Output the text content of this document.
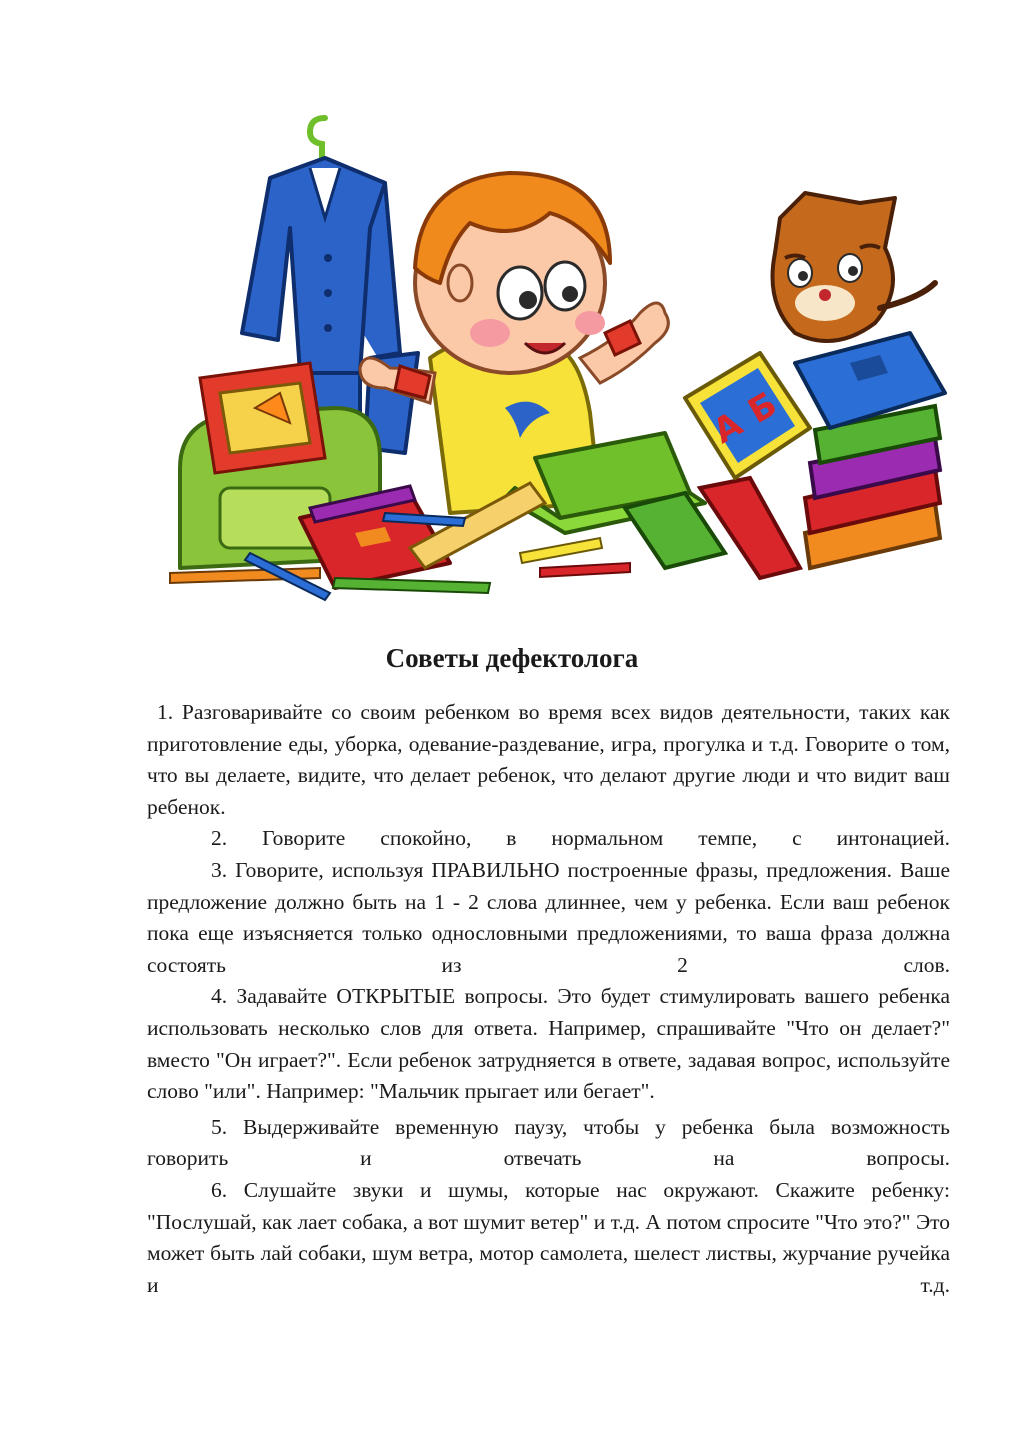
А
Б
Советы дефектолога

1. Разговаривайте со своим ребенком во время всех видов деятельности, таких как приготовление еды, уборка, одевание-раздевание, игра, прогулка и т.д. Говорите о том, что вы делаете, видите, что делает ребенок, что делают другие люди и что видит ваш ребенок.

2. Говорите спокойно, в нормальном темпе, с интонацией.

3. Говорите, используя ПРАВИЛЬНО построенные фразы, предложения. Ваше предложение должно быть на 1 - 2 слова длиннее, чем у ребенка. Если ваш ребенок пока еще изъясняется только однословными предложениями, то ваша фраза должна состоять из 2 слов.

4. Задавайте ОТКРЫТЫЕ вопросы. Это будет стимулировать вашего ребенка использовать несколько слов для ответа. Например, спрашивайте "Что он делает?" вместо "Он играет?". Если ребенок затрудняется в ответе, задавая вопрос, используйте слово "или". Например: "Мальчик прыгает или бегает".

5. Выдерживайте временную паузу, чтобы у ребенка была возможность говорить и отвечать на вопросы.

6. Слушайте звуки и шумы, которые нас окружают. Скажите ребенку: "Послушай, как лает собака, а вот шумит ветер" и т.д. А потом спросите "Что это?" Это может быть лай собаки, шум ветра, мотор самолета, шелест листвы, журчание ручейка и т.д.
